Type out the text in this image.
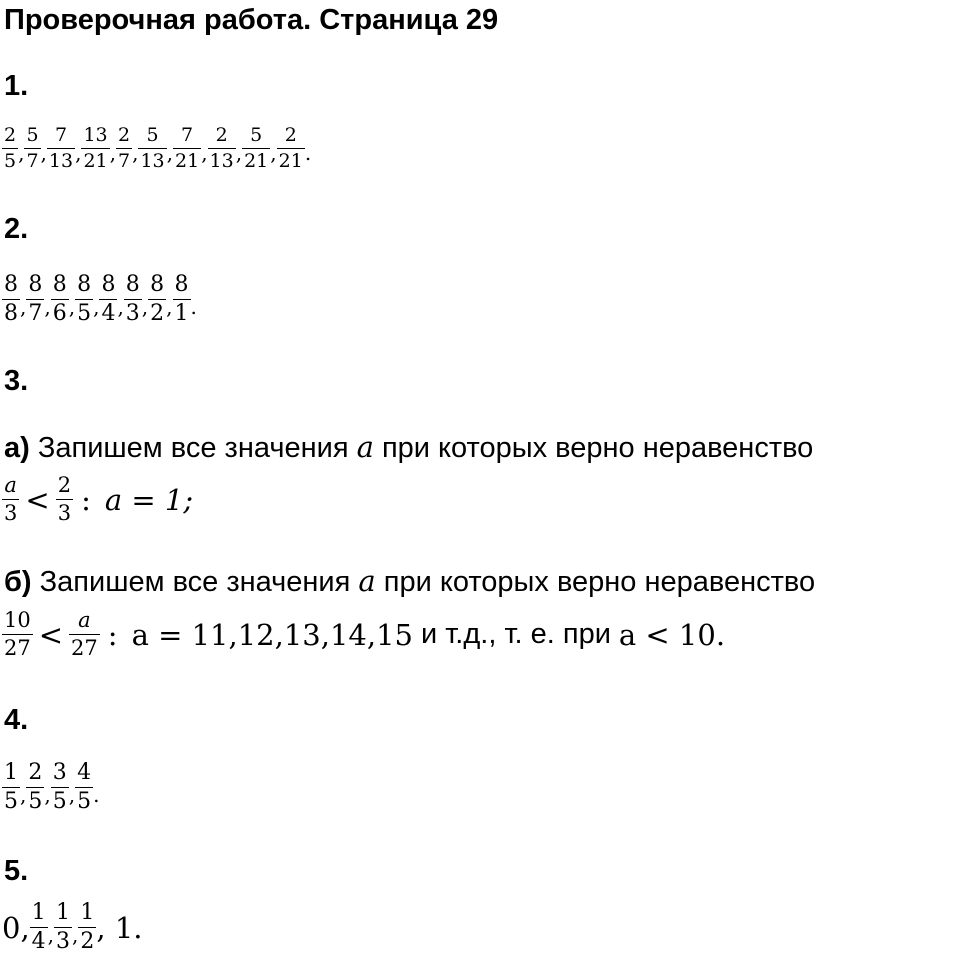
Проверочная работа. Страница 29
1.
$\frac{2}{5}$ , $\frac{5}{7}$ , $\frac{7}{13}$ , $\frac{13}{21}$ , $\frac{2}{7}$ , $\frac{5}{13}$ , $\frac{7}{21}$ , $\frac{2}{13}$ , $\frac{5}{21}$ , $\frac{2}{21}$ .
2.
$\frac{8}{8}$ , $\frac{8}{7}$ , $\frac{8}{6}$ , $\frac{8}{5}$ , $\frac{8}{4}$ , $\frac{8}{3}$ , $\frac{8}{2}$ , $\frac{8}{1}$ .
3.
а) Запишем все значения a при которых верно неравенство
$\frac{a}{3} < \frac{2}{3}$ : a = 1;
б) Запишем все значения a при которых верно неравенство
$\frac{10}{27} < \frac{a}{27}$ : a = 11,12,13,14,15 и т.д., т. е. при a < 10.
4.
$\frac{1}{5}$ , $\frac{2}{5}$ , $\frac{3}{5}$ , $\frac{4}{5}$ .
5.
0, $\frac{1}{4}$ , $\frac{1}{3}$ , $\frac{1}{2}$ , 1.
